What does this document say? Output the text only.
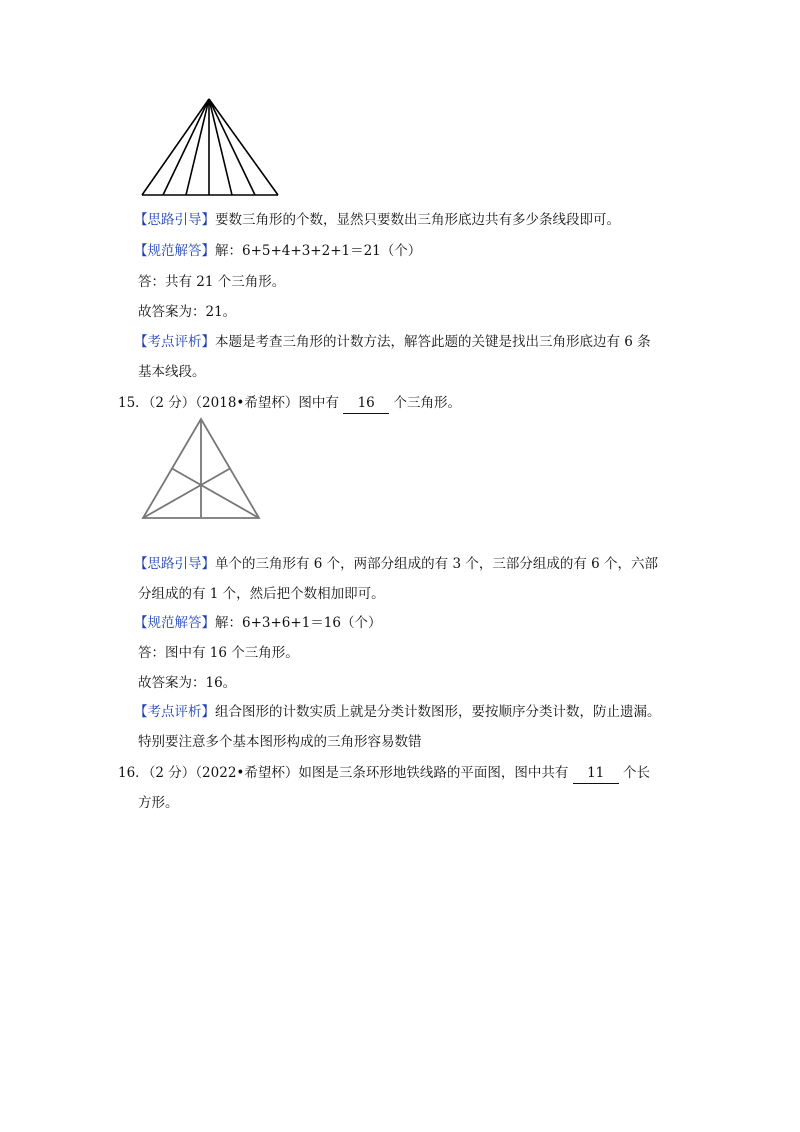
【思路引导】要数三角形的个数，显然只要数出三角形底边共有多少条线段即可。
【规范解答】解：6+5+4+3+2+1＝21（个）
答：共有 21 个三角形。
故答案为：21。
【考点评析】本题是考查三角形的计数方法，解答此题的关键是找出三角形底边有 6 条
基本线段。
15．（2 分）（2018•希望杯）图中有 16 个三角形。
【思路引导】单个的三角形有 6 个，两部分组成的有 3 个，三部分组成的有 6 个，六部
分组成的有 1 个，然后把个数相加即可。
【规范解答】解：6+3+6+1＝16（个）
答：图中有 16 个三角形。
故答案为：16。
【考点评析】组合图形的计数实质上就是分类计数图形，要按顺序分类计数，防止遗漏。
特别要注意多个基本图形构成的三角形容易数错
16．（2 分）（2022•希望杯）如图是三条环形地铁线路的平面图，图中共有 11 个长
方形。
